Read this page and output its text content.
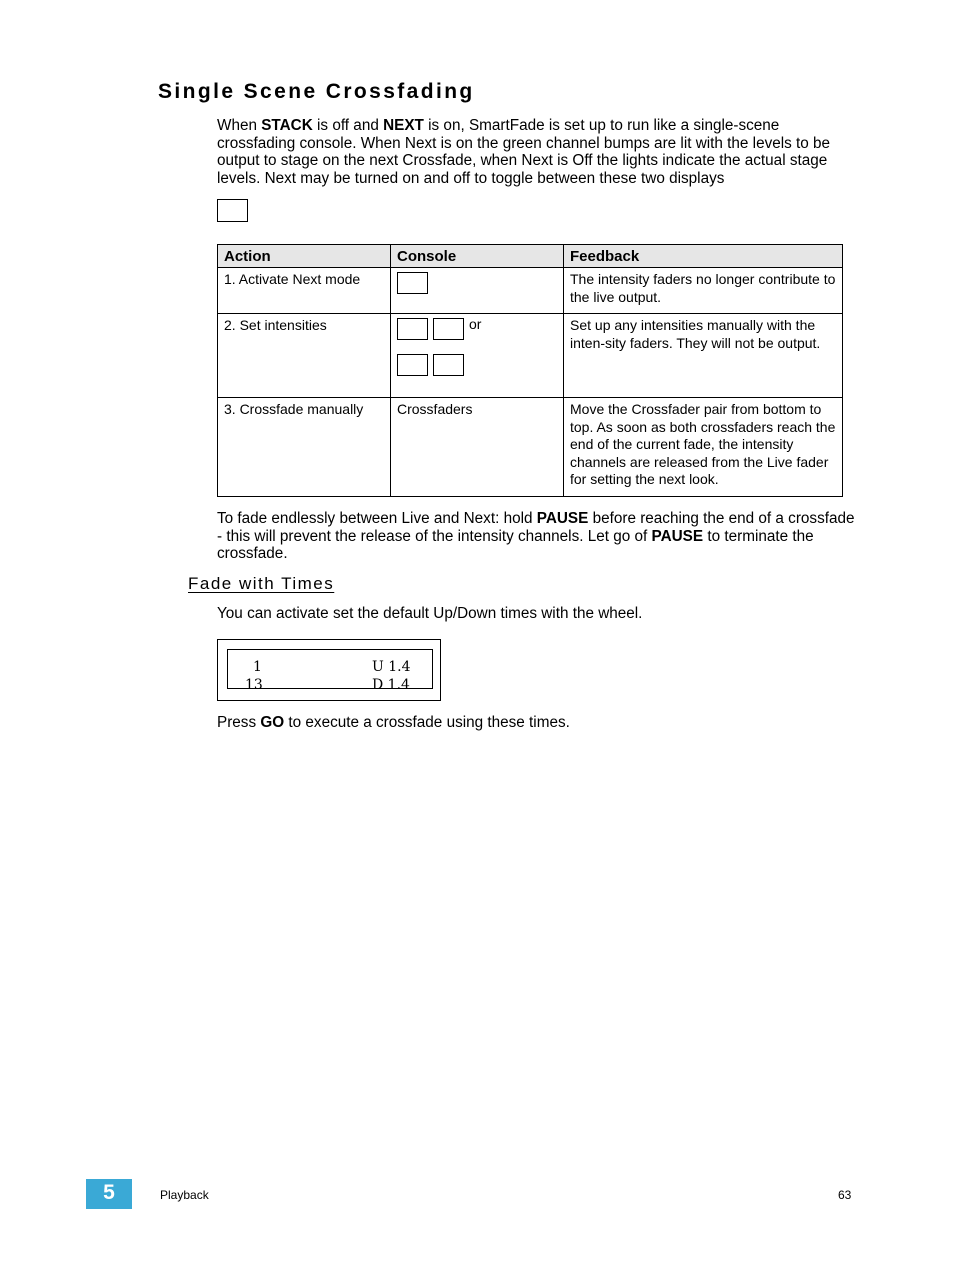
Single Scene Crossfading

When STACK is off and NEXT is on, SmartFade is set up to run like a single-scene crossfading console. When Next is on the green channel bumps are lit with the levels to be output to stage on the next Crossfade, when Next is Off the lights indicate the actual stage levels. Next may be turned on and off to toggle between these two displays

Action	Console	Feedback
1. Activate Next mode		The intensity faders no longer contribute to the live output.
2. Set intensities	or	Set up any intensities manually with the inten-sity faders. They will not be output.
3. Crossfade manually	Crossfaders	Move the Crossfader pair from bottom to top. As soon as both crossfaders reach the end of the current fade, the intensity channels are released from the Live fader for setting the next look.

To fade endlessly between Live and Next: hold PAUSE before reaching the end of a crossfade - this will prevent the release of the intensity channels. Let go of PAUSE to terminate the crossfade.

Fade with Times

You can activate set the default Up/Down times with the wheel.

1	U 1.4
13	D 1.4

Press GO to execute a crossfade using these times.

5	Playback	63
